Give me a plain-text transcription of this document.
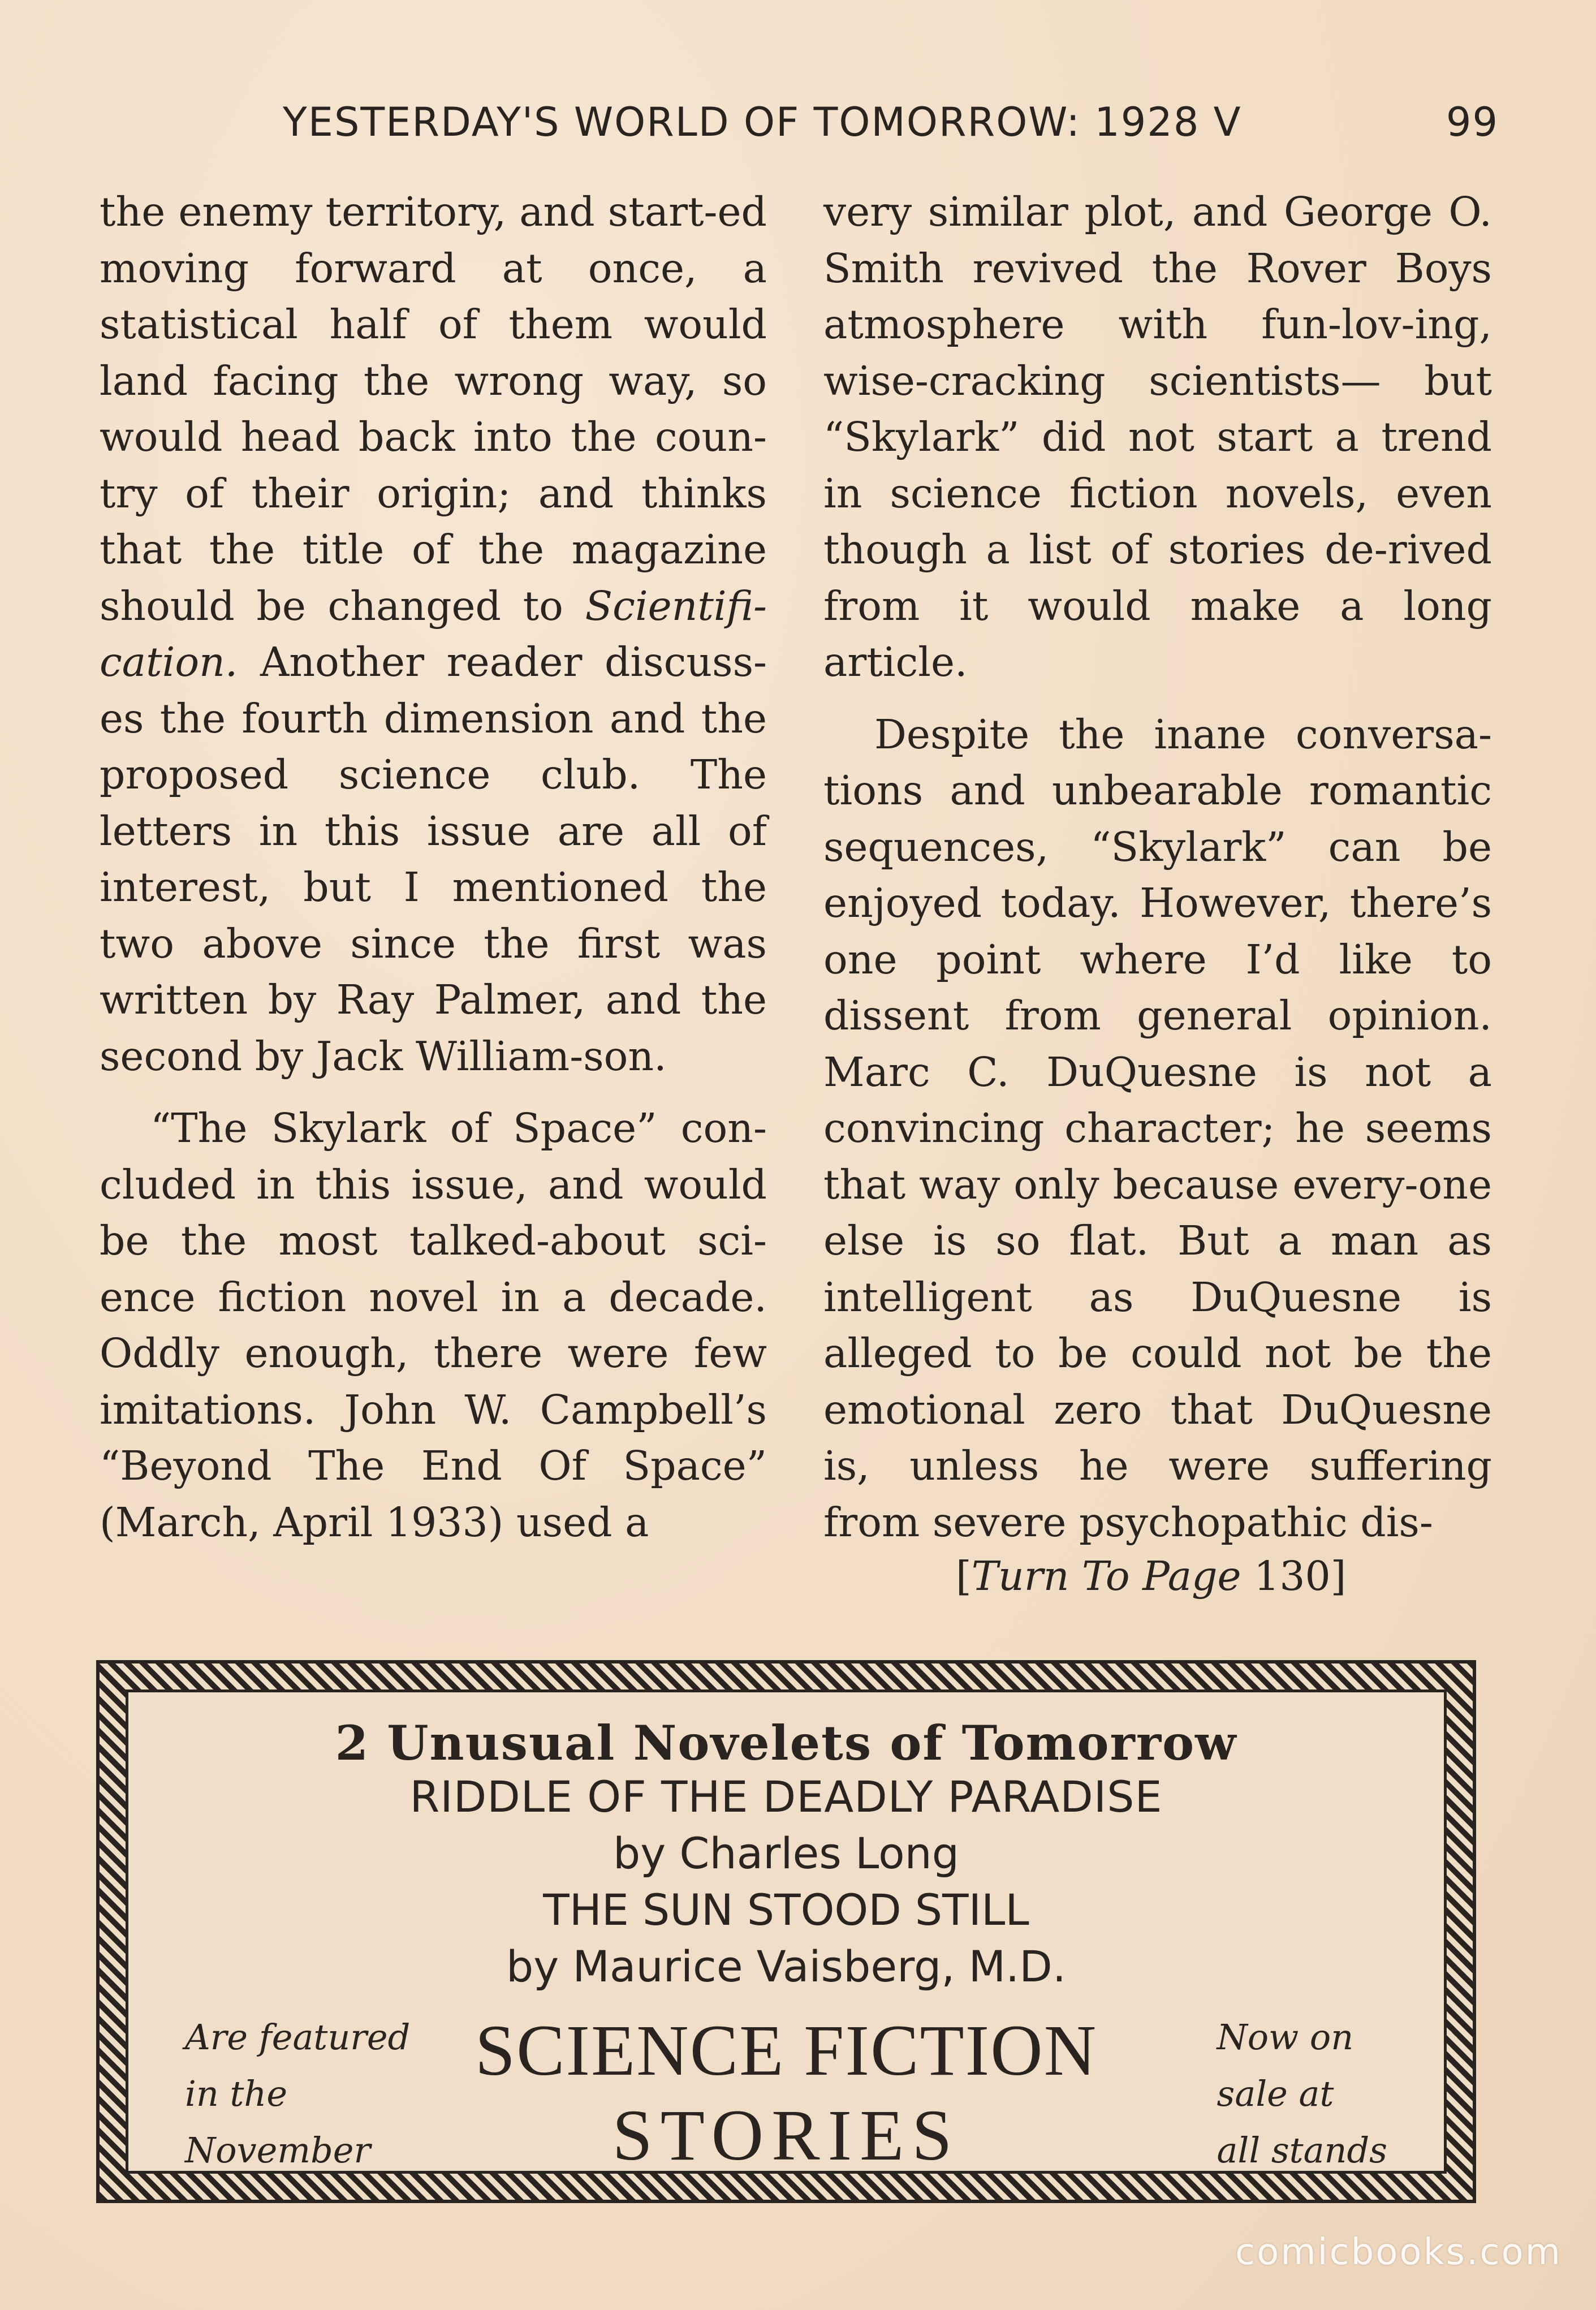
YESTERDAY'S WORLD OF TOMORROW: 1928 V	99

the enemy territory, and start-ed moving forward at once, a statistical half of them would land facing the wrong way, so would head back into the coun-try of their origin; and thinks that the title of the magazine should be changed to Scientifi-cation. Another reader discuss-es the fourth dimension and the proposed science club. The letters in this issue are all of interest, but I mentioned the two above since the first was written by Ray Palmer, and the second by Jack William-son.

“The Skylark of Space” con-cluded in this issue, and would be the most talked-about sci-ence fiction novel in a decade. Oddly enough, there were few imitations. John W. Campbell’s “Beyond The End Of Space” (March, April 1933) used a

very similar plot, and George O. Smith revived the Rover Boys atmosphere with fun-lov-ing, wise-cracking scientists— but “Skylark” did not start a trend in science fiction novels, even though a list of stories de-rived from it would make a long article.

Despite the inane conversa-tions and unbearable romantic sequences, “Skylark” can be enjoyed today. However, there’s one point where I’d like to dissent from general opinion. Marc C. DuQuesne is not a convincing character; he seems that way only because every-one else is so flat. But a man as intelligent as DuQuesne is alleged to be could not be the emotional zero that DuQuesne is, unless he were suffering from severe psychopathic dis-

[Turn To Page 130]
2 Unusual Novelets of Tomorrow
RIDDLE OF THE DEADLY PARADISE
by Charles Long
THE SUN STOOD STILL
by Maurice Vaisberg, M.D.
SCIENCE FICTION
STORIES
Are featured
in the
November
Now on
sale at
all stands
comicbooks.com
